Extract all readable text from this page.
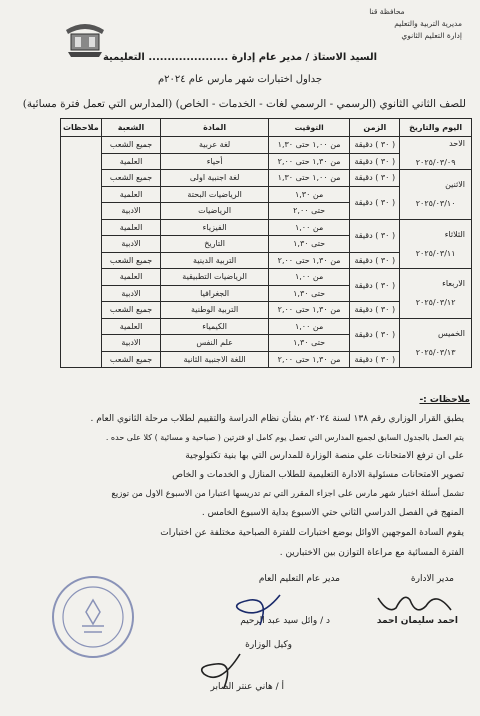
محافظة قنا
مديرية التربية والتعليم
إدارة التعليم الثانوي
السيد الاستاذ / مدير عام إدارة ..................... التعليمية
جداول اختبارات شهر مارس عام ٢٠٢٤م
للصف الثاني الثانوي (الرسمي - الرسمي لغات - الخدمات - الخاص) (المدارس التي تعمل فترة مسائية)
اليوم والتاريخ	الزمن	التوقيت	المادة	الشعبة	ملاحظات

الاحد
٢٠٢٥/٠٣/٠٩	( ٣٠ ) دقيقة	من ١,٠٠ حتى ١,٣٠	لغة عربية	جميع الشعب	
	( ٣٠ ) دقيقة	من ١,٣٠ حتى ٢,٠٠	أحياء	العلمية	

الاثنين
٢٠٢٥/٠٣/١٠	( ٣٠ ) دقيقة	من ١,٠٠ حتى ١,٣٠	لغة اجنبية اولى	جميع الشعب	
	( ٣٠ ) دقيقة	من ١,٣٠	الرياضيات البحتة	العلمية	
		حتى ٢,٠٠	الرياضيات	الادبية	

الثلاثاء
٢٠٢٥/٠٣/١١	( ٣٠ ) دقيقة	من ١,٠٠	الفيزياء	العلمية	
		حتى ١,٣٠	التاريخ	الادبية	
	( ٣٠ ) دقيقة	من ١,٣٠ حتى ٢,٠٠	التربية الدينية	جميع الشعب	

الاربعاء
٢٠٢٥/٠٣/١٢	( ٣٠ ) دقيقة	من ١,٠٠	الرياضيات التطبيقية	العلمية	
		حتى ١,٣٠	الجغرافيا	الادبية	
	( ٣٠ ) دقيقة	من ١,٣٠ حتى ٢,٠٠	التربية الوطنية	جميع الشعب	

الخميس
٢٠٢٥/٠٣/١٣	( ٣٠ ) دقيقة	من ١,٠٠	الكيمياء	العلمية	
		حتى ١,٣٠	علم النفس	الادبية	
	( ٣٠ ) دقيقة	من ١,٣٠ حتى ٢,٠٠	اللغة الاجنبية الثانية	جميع الشعب	
ملاحظات :-
يطبق القرار الوزاري رقم ١٣٨ لسنة ٢٠٢٤م بشأن نظام الدراسة والتقييم لطلاب مرحلة الثانوي العام .
يتم العمل بالجدول السابق لجميع المدارس التي تعمل يوم كامل او فترتين ( صباحية و مسائية ) كلا على حده .
على ان ترفع الامتحانات علي منصة الوزارة للمدارس التي بها بنية تكنولوجية
تصوير الامتحانات مسئولية الادارة التعليمية للطلاب المنازل و الخدمات و الخاص
تشمل أسئلة اختبار شهر مارس على اجزاء المقرر التي تم تدريسها اعتبارا من الاسبوع الاول من توزيع
المنهج في الفصل الدراسي الثاني حتي الاسبوع بداية الاسبوع الخامس .
يقوم السادة الموجهين الاوائل بوضع اختبارات للفترة الصباحية مختلفة عن اختبارات
الفترة المسائية مع مراعاة التوازن بين الاختبارين .
مدير الادارة
احمد سليمان احمد
مدير عام التعليم العام
د / وائل سيد عبد الرحيم
وكيل الوزارة
أ / هاني عنتر الصابر
